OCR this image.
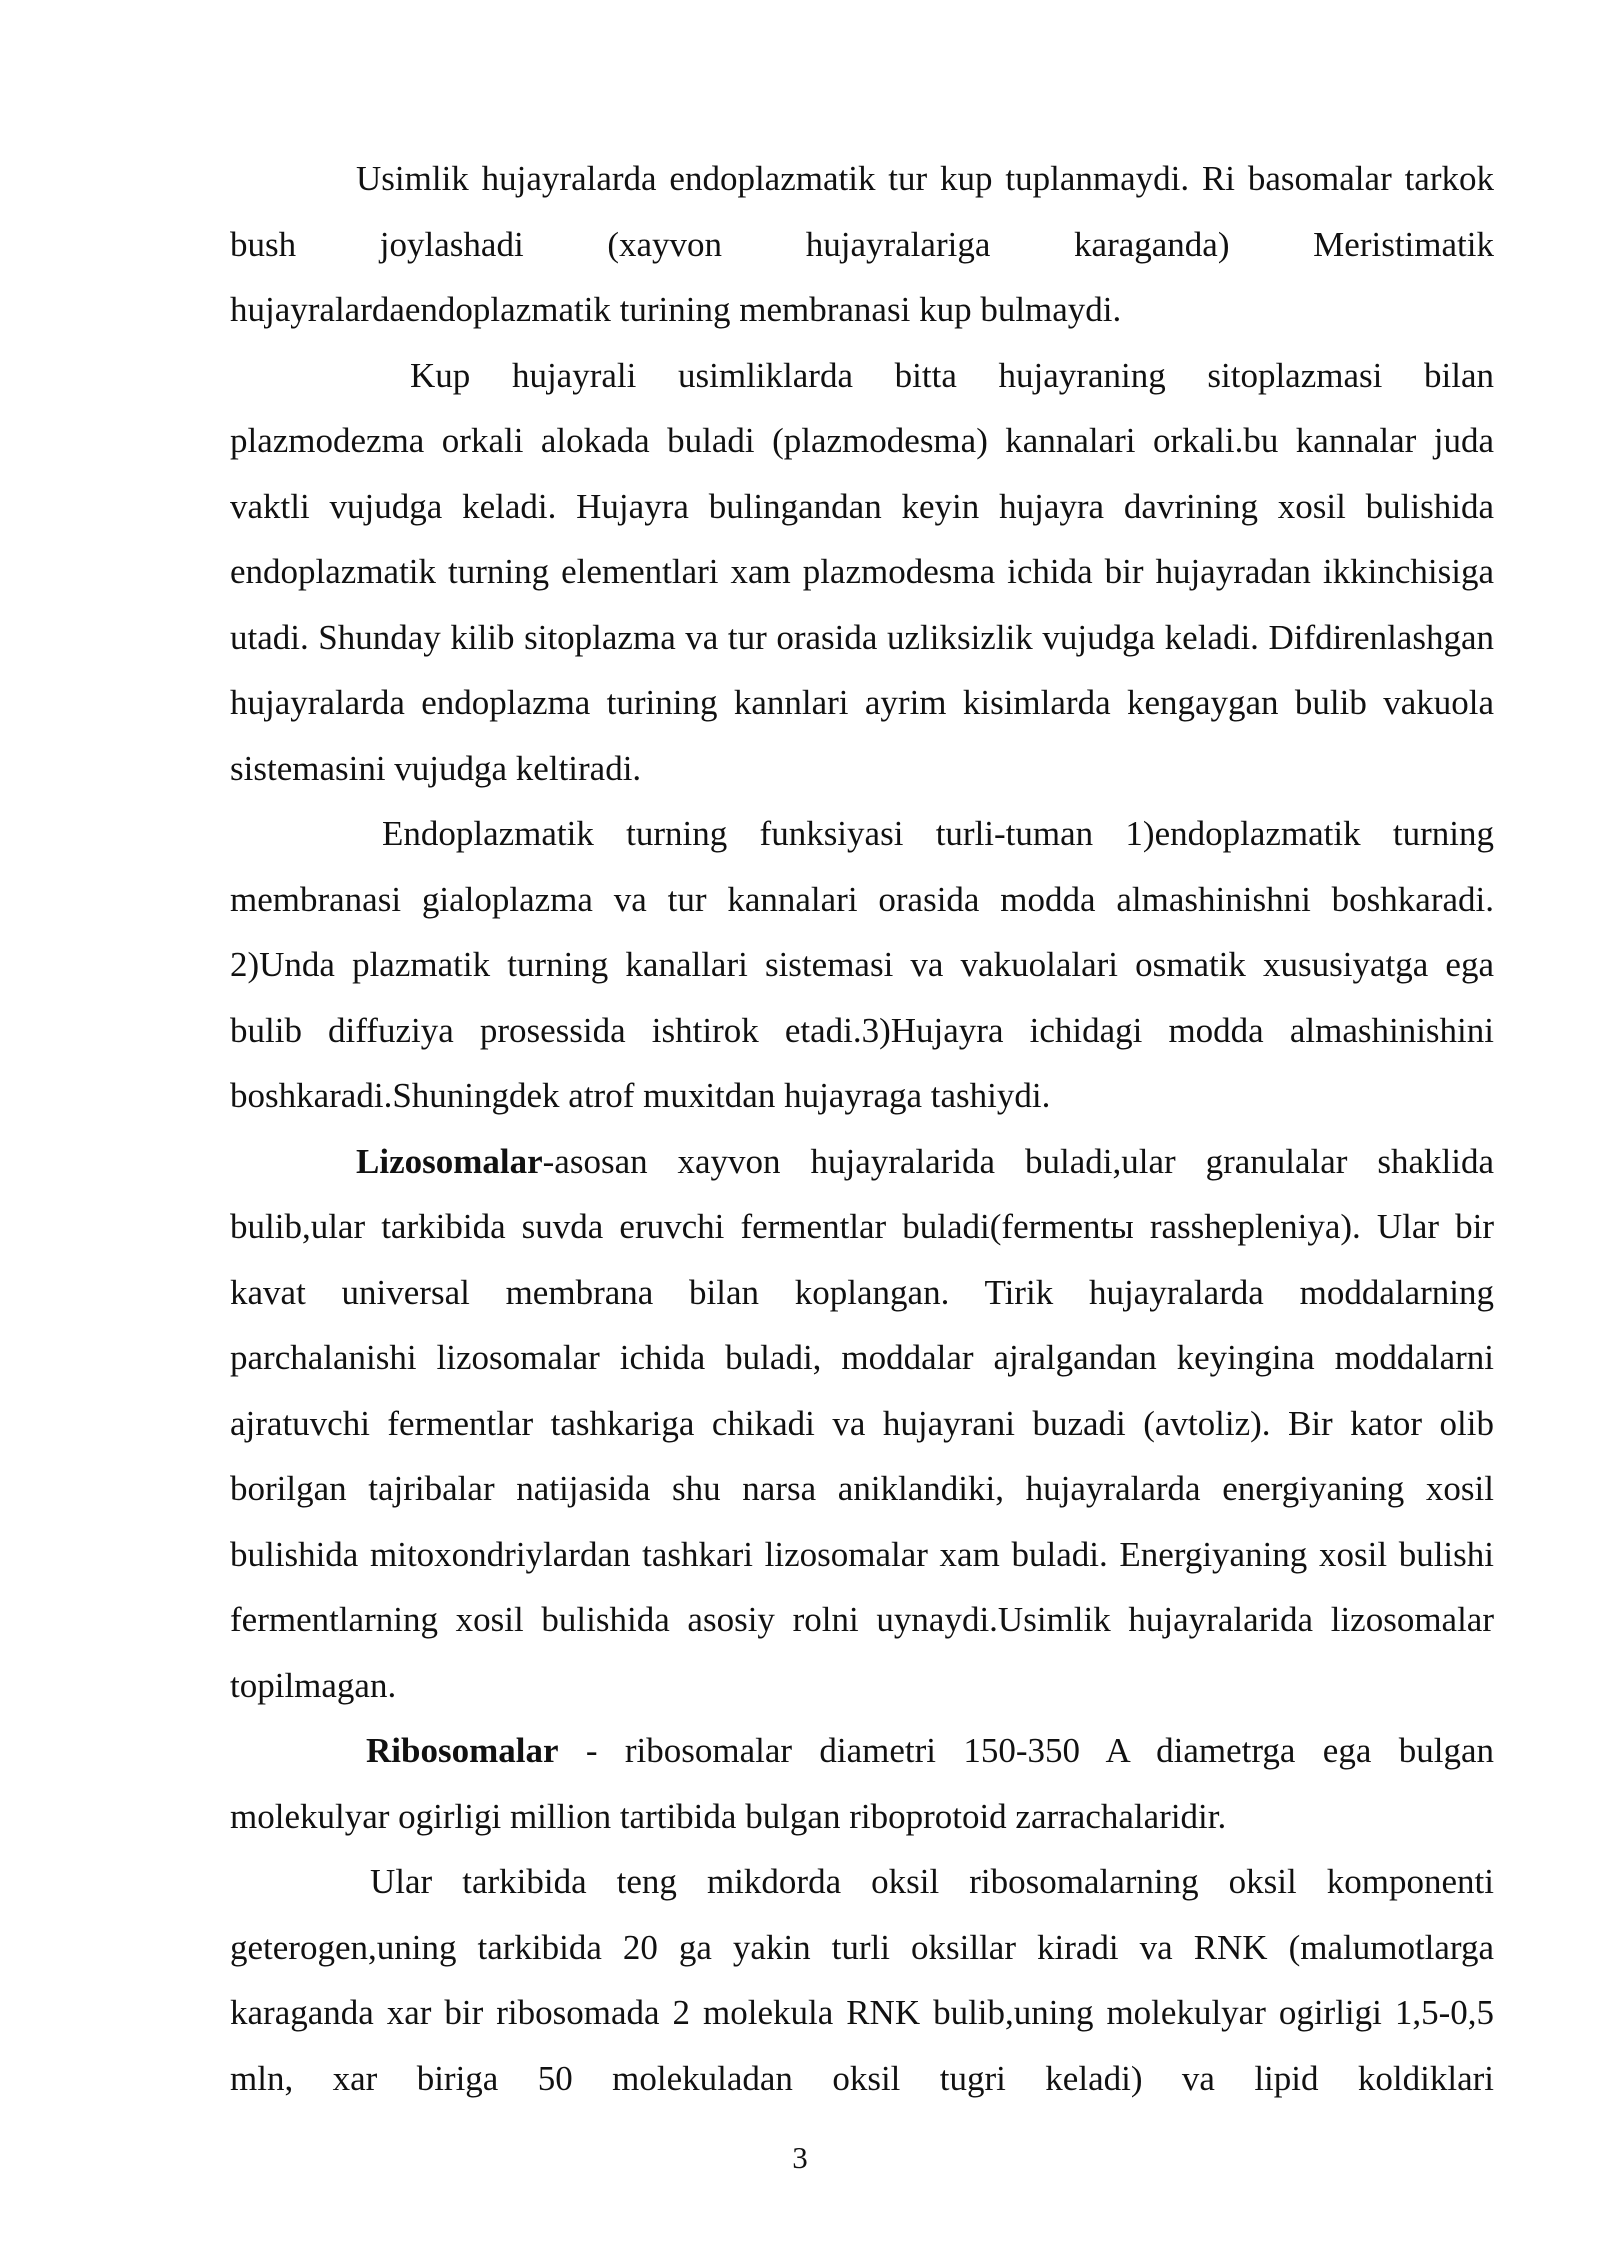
Usimlik hujayralarda endoplazmatik tur kup tuplanmaydi. Ri basomalar tarkok bush joylashadi (xayvon hujayralariga karaganda) Meristimatik hujayralardaendoplazmatik turining membranasi kup bulmaydi.

Kup hujayrali usimliklarda bitta hujayraning sitoplazmasi bilan plazmodezma orkali alokada buladi (plazmodesma) kannalari orkali.bu kannalar juda vaktli vujudga keladi. Hujayra bulingandan keyin hujayra davrining xosil bulishida endoplazmatik turning elementlari xam plazmodesma ichida bir hujayradan ikkinchisiga utadi. Shunday kilib sitoplazma va tur orasida uzliksizlik vujudga keladi. Difdirenlashgan hujayralarda endoplazma turining kannlari ayrim kisimlarda kengaygan bulib vakuola sistemasini vujudga keltiradi.

Endoplazmatik turning funksiyasi turli-tuman 1)endoplazmatik turning membranasi gialoplazma va tur kannalari orasida modda almashinishni boshkaradi. 2)Unda plazmatik turning kanallari sistemasi va vakuolalari osmatik xususiyatga ega bulib diffuziya prosessida ishtirok etadi.3)Hujayra ichidagi modda almashinishini boshkaradi.Shuningdek atrof muxitdan hujayraga tashiydi.

Lizosomalar-asosan xayvon hujayralarida buladi,ular granulalar shaklida bulib,ular tarkibida suvda eruvchi fermentlar buladi(fermentы rasshepleniya). Ular bir kavat universal membrana bilan koplangan. Tirik hujayralarda moddalarning parchalanishi lizosomalar ichida buladi, moddalar ajralgandan keyingina moddalarni ajratuvchi fermentlar tashkariga chikadi va hujayrani buzadi (avtoliz). Bir kator olib borilgan tajribalar natijasida shu narsa aniklandiki, hujayralarda energiyaning xosil bulishida mitoxondriylardan tashkari lizosomalar xam buladi. Energiyaning xosil bulishi fermentlarning xosil bulishida asosiy rolni uynaydi.Usimlik hujayralarida lizosomalar topilmagan.

Ribosomalar - ribosomalar diametri 150-350 A diametrga ega bulgan molekulyar ogirligi million tartibida bulgan riboprotoid zarrachalaridir.

Ular tarkibida teng mikdorda oksil ribosomalarning oksil komponenti geterogen,uning tarkibida 20 ga yakin turli oksillar kiradi va RNK (malumotlarga karaganda xar bir ribosomada 2 molekula RNK bulib,uning molekulyar ogirligi 1,5-0,5 mln, xar biriga 50 molekuladan oksil tugri keladi) va lipid koldiklari

3
